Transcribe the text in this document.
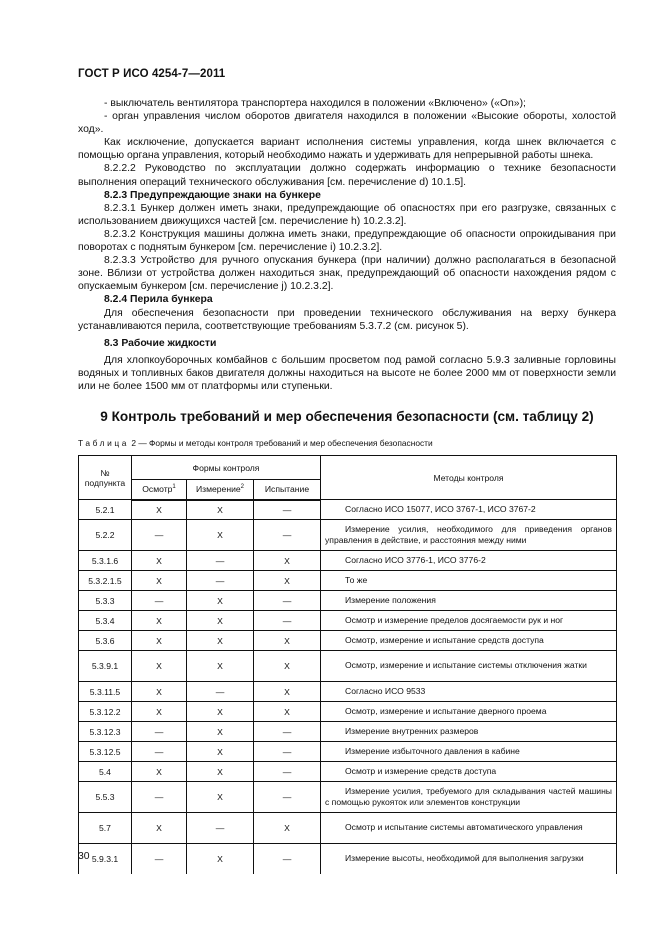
ГОСТ Р ИСО 4254-7—2011

- выключатель вентилятора транспортера находился в положении «Включено» («On»);

- орган управления числом оборотов двигателя находился в положении «Высокие обороты, холостой ход».

Как исключение, допускается вариант исполнения системы управления, когда шнек включается с помощью органа управления, который необходимо нажать и удерживать для непрерывной работы шнека.

8.2.2.2 Руководство по эксплуатации должно содержать информацию о технике безопасности выполнения операций технического обслуживания [см. перечисление d) 10.1.5].

8.2.3 Предупреждающие знаки на бункере

8.2.3.1 Бункер должен иметь знаки, предупреждающие об опасностях при его разгрузке, связанных с использованием движущихся частей [см. перечисление h) 10.2.3.2].

8.2.3.2 Конструкция машины должна иметь знаки, предупреждающие об опасности опрокидывания при поворотах с поднятым бункером [см. перечисление i) 10.2.3.2].

8.2.3.3 Устройство для ручного опускания бункера (при наличии) должно располагаться в безопасной зоне. Вблизи от устройства должен находиться знак, предупреждающий об опасности нахождения рядом с опускаемым бункером [см. перечисление j) 10.2.3.2].

8.2.4 Перила бункера

Для обеспечения безопасности при проведении технического обслуживания на верху бункера устанавливаются перила, соответствующие требованиям 5.3.7.2 (см. рисунок 5).

8.3 Рабочие жидкости

Для хлопкоуборочных комбайнов с большим просветом под рамой согласно 5.9.3 заливные горловины водяных и топливных баков двигателя должны находиться на высоте не более 2000 мм от поверхности земли или не более 1500 мм от платформы или ступеньки.

9 Контроль требований и мер обеспечения безопасности (см. таблицу 2)
Таблица 2 — Формы и методы контроля требований и мер обеспечения безопасности
№
подпункта	Формы контроля			Методы контроля
	Осмотр$^1$	Измерение$^2$	Испытание	
5.2.1	X	X	—	Согласно ИСО 15077, ИСО 3767-1, ИСО 3767-2
5.2.2	—	X	—	Измерение усилия, необходимого для приведения органов управления в действие, и расстояния между ними
5.3.1.6	X	—	X	Согласно ИСО 3776-1, ИСО 3776-2
5.3.2.1.5	X	—	X	То же
5.3.3	—	X	—	Измерение положения
5.3.4	X	X	—	Осмотр и измерение пределов досягаемости рук и ног
5.3.6	X	X	X	Осмотр, измерение и испытание средств доступа
5.3.9.1	X	X	X	Осмотр, измерение и испытание системы отключения жатки
5.3.11.5	X	—	X	Согласно ИСО 9533
5.3.12.2	X	X	X	Осмотр, измерение и испытание дверного проема
5.3.12.3	—	X	—	Измерение внутренних размеров
5.3.12.5	—	X	—	Измерение избыточного давления в кабине
5.4	X	X	—	Осмотр и измерение средств доступа
5.5.3	—	X	—	Измерение усилия, требуемого для складывания частей машины с помощью рукояток или элементов конструкции
5.7	X	—	X	Осмотр и испытание системы автоматического управления
5.9.3.1	—	X	—	Измерение высоты, необходимой для выполнения загрузки
30
